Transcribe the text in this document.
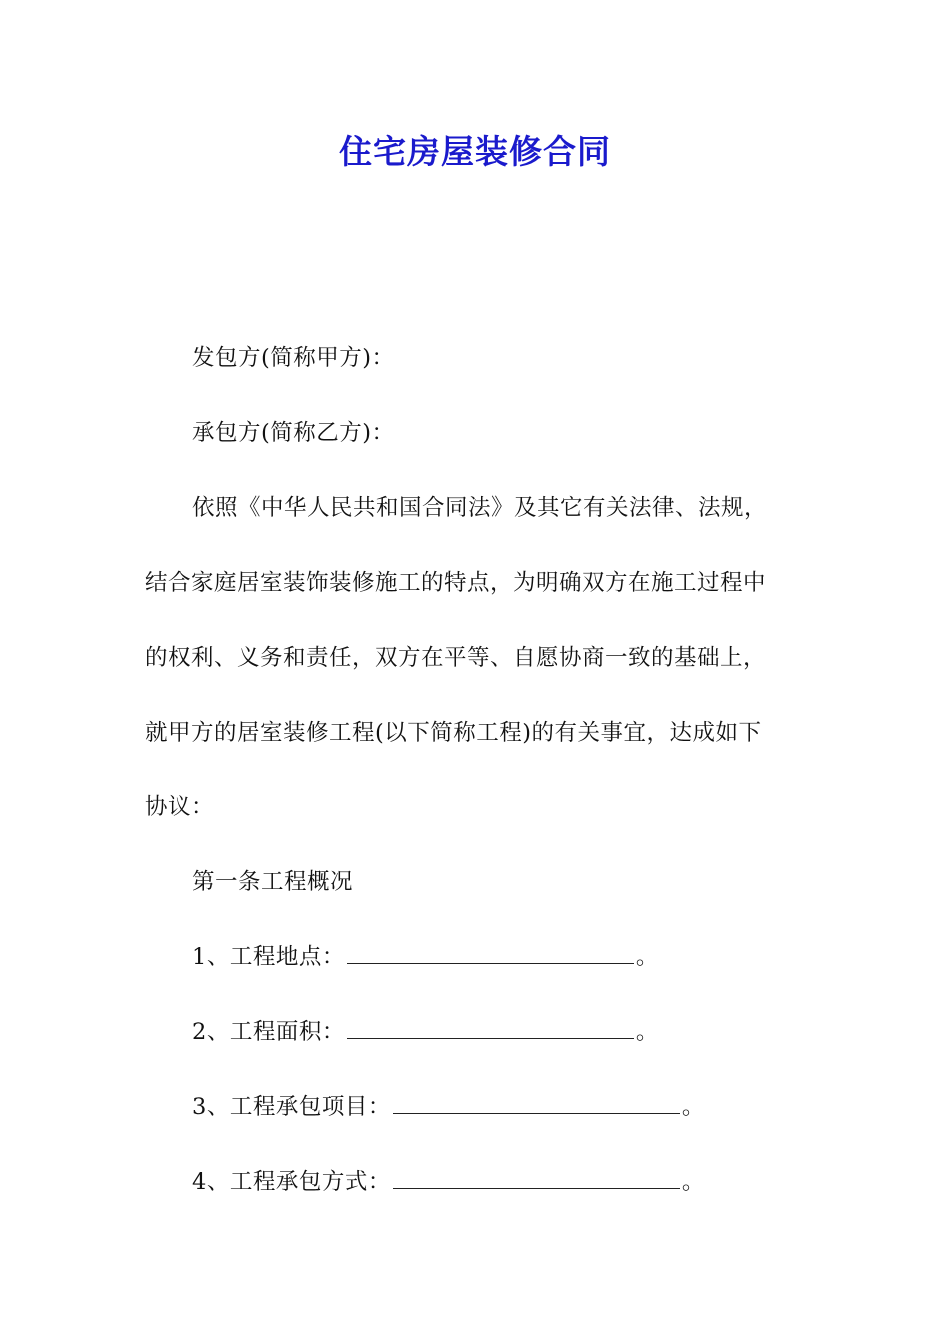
住宅房屋装修合同
发包方(简称甲方)：
承包方(简称乙方)：
依照《中华人民共和国合同法》及其它有关法律、法规，
结合家庭居室装饰装修施工的特点，为明确双方在施工过程中
的权利、义务和责任，双方在平等、自愿协商一致的基础上，
就甲方的居室装修工程(以下简称工程)的有关事宜，达成如下
协议：
第一条工程概况
1、工程地点：	。
2、工程面积：	。
3、工程承包项目：	。
4、工程承包方式：	。
